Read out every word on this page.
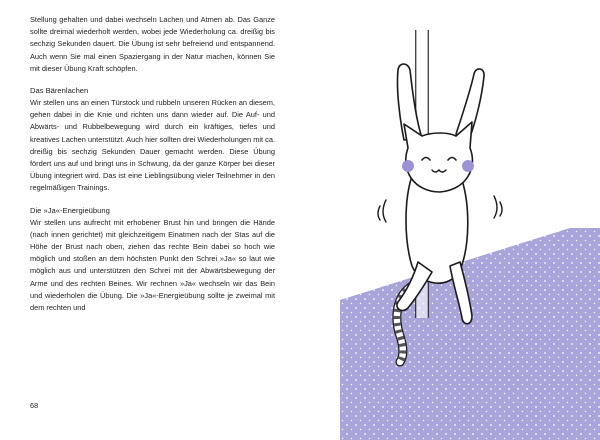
Stellung gehalten und dabei wechseln Lachen und Atmen ab. Das Ganze sollte dreimal wiederholt werden, wobei jede Wiederholung ca. dreißig bis sechzig Sekunden dauert. Die Übung ist sehr befreiend und entspannend. Auch wenn Sie mal einen Spaziergang in der Natur machen, können Sie mit dieser Übung Kraft schöpfen.

Das Bärenlachen

Wir stellen uns an einen Türstock und rubbeln unseren Rücken an diesem, gehen dabei in die Knie und richten uns dann wieder auf. Die Auf- und Abwärts- und Rubbelbewegung wird durch ein kräftiges, tiefes und kreatives Lachen unterstützt. Auch hier sollten drei Wiederholungen mit ca. dreißig bis sechzig Sekunden Dauer gemacht werden. Diese Übung fördert uns auf und bringt uns in Schwung, da der ganze Körper bei dieser Übung integriert wird. Das ist eine Lieblingsübung vieler Teilnehmer in den regelmäßigen Trainings.

Die »Ja«-Energieübung

Wir stellen uns aufrecht mit erhobener Brust hin und bringen die Hände (nach innen gerichtet) mit gleichzeitigem Einatmen nach der Stas auf die Höhe der Brust nach oben, ziehen das rechte Bein dabei so hoch wie möglich und stoßen an dem höchsten Punkt den Schrei »Ja« so laut wie möglich aus und unterstützen den Schrei mit der Abwärtsbewegung der Arme und des rechten Beines. Wir rechnen »Ja« wechseln wir das Bein und wiederholen die Übung. Die »Ja«-Energieübung sollte je zweimal mit dem rechten und

68
